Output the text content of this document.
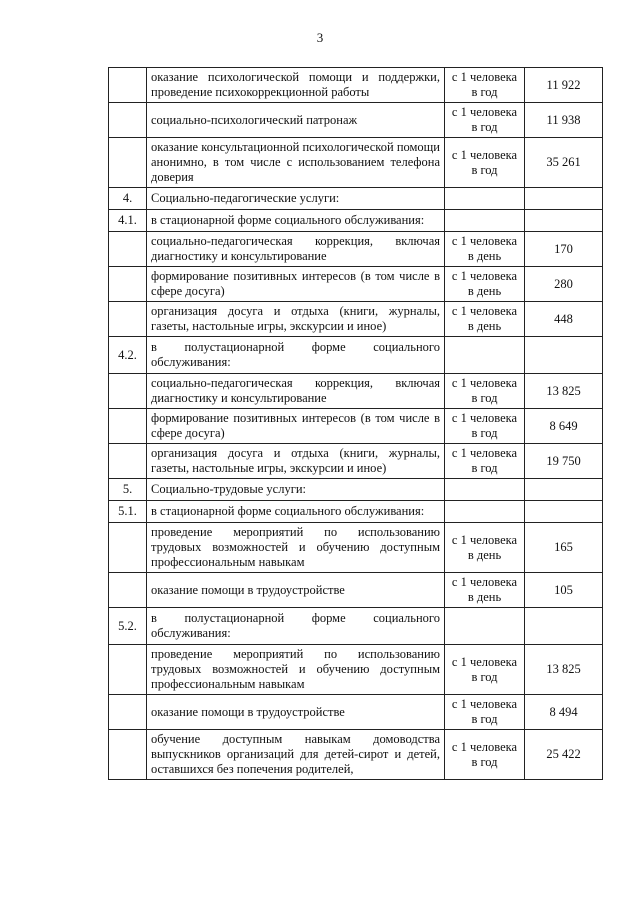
3
	оказание психологической помощи и поддержки, проведение психокоррекционной работы	с 1 человека в год	11 922
	социально-психологический патронаж	с 1 человека в год	11 938
	оказание консультационной психологической помощи анонимно, в том числе с использованием телефона доверия	с 1 человека в год	35 261
4.	Социально-педагогические услуги:		
4.1.	в стационарной форме социального обслуживания:		
	социально-педагогическая коррекция, включая диагностику и консультирование	с 1 человека в день	170
	формирование позитивных интересов (в том числе в сфере досуга)	с 1 человека в день	280
	организация досуга и отдыха (книги, журналы, газеты, настольные игры, экскурсии и иное)	с 1 человека в день	448
4.2.	в полустационарной форме социального обслуживания:		
	социально-педагогическая коррекция, включая диагностику и консультирование	с 1 человека в год	13 825
	формирование позитивных интересов (в том числе в сфере досуга)	с 1 человека в год	8 649
	организация досуга и отдыха (книги, журналы, газеты, настольные игры, экскурсии и иное)	с 1 человека в год	19 750
5.	Социально-трудовые услуги:		
5.1.	в стационарной форме социального обслуживания:		
	проведение мероприятий по использованию трудовых возможностей и обучению доступным профессиональным навыкам	с 1 человека в день	165
	оказание помощи в трудоустройстве	с 1 человека в день	105
5.2.	в полустационарной форме социального обслуживания:		
	проведение мероприятий по использованию трудовых возможностей и обучению доступным профессиональным навыкам	с 1 человека в год	13 825
	оказание помощи в трудоустройстве	с 1 человека в год	8 494
	обучение доступным навыкам домоводства выпускников организаций для детей-сирот и детей, оставшихся без попечения родителей,	с 1 человека в год	25 422
